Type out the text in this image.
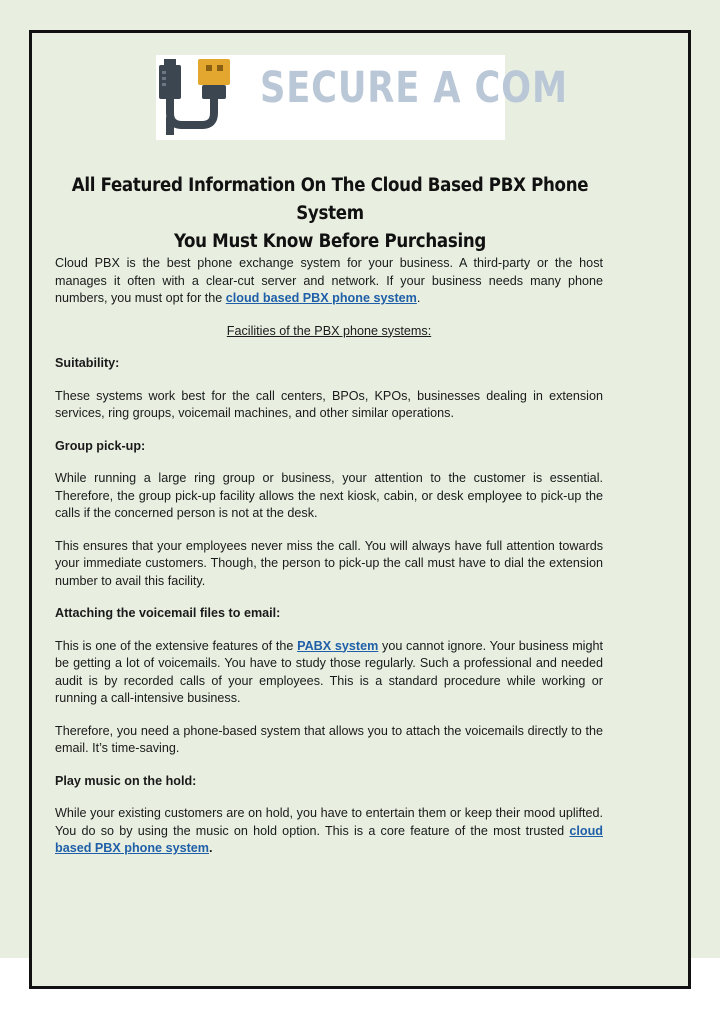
SECURE A COM
All Featured Information On The Cloud Based PBX Phone System
You Must Know Before Purchasing

Cloud PBX is the best phone exchange system for your business. A third-party or the host manages it often with a clear-cut server and network. If your business needs many phone numbers, you must opt for the cloud based PBX phone system.

Facilities of the PBX phone systems:

Suitability:

These systems work best for the call centers, BPOs, KPOs, businesses dealing in extension services, ring groups, voicemail machines, and other similar operations.

Group pick-up:

While running a large ring group or business, your attention to the customer is essential. Therefore, the group pick-up facility allows the next kiosk, cabin, or desk employee to pick-up the calls if the concerned person is not at the desk.

This ensures that your employees never miss the call. You will always have full attention towards your immediate customers. Though, the person to pick-up the call must have to dial the extension number to avail this facility.

Attaching the voicemail files to email:

This is one of the extensive features of the PABX system you cannot ignore. Your business might be getting a lot of voicemails. You have to study those regularly. Such a professional and needed audit is by recorded calls of your employees. This is a standard procedure while working or running a call-intensive business.

Therefore, you need a phone-based system that allows you to attach the voicemails directly to the email. It’s time-saving.

Play music on the hold:

While your existing customers are on hold, you have to entertain them or keep their mood uplifted. You do so by using the music on hold option. This is a core feature of the most trusted cloud based PBX phone system.
